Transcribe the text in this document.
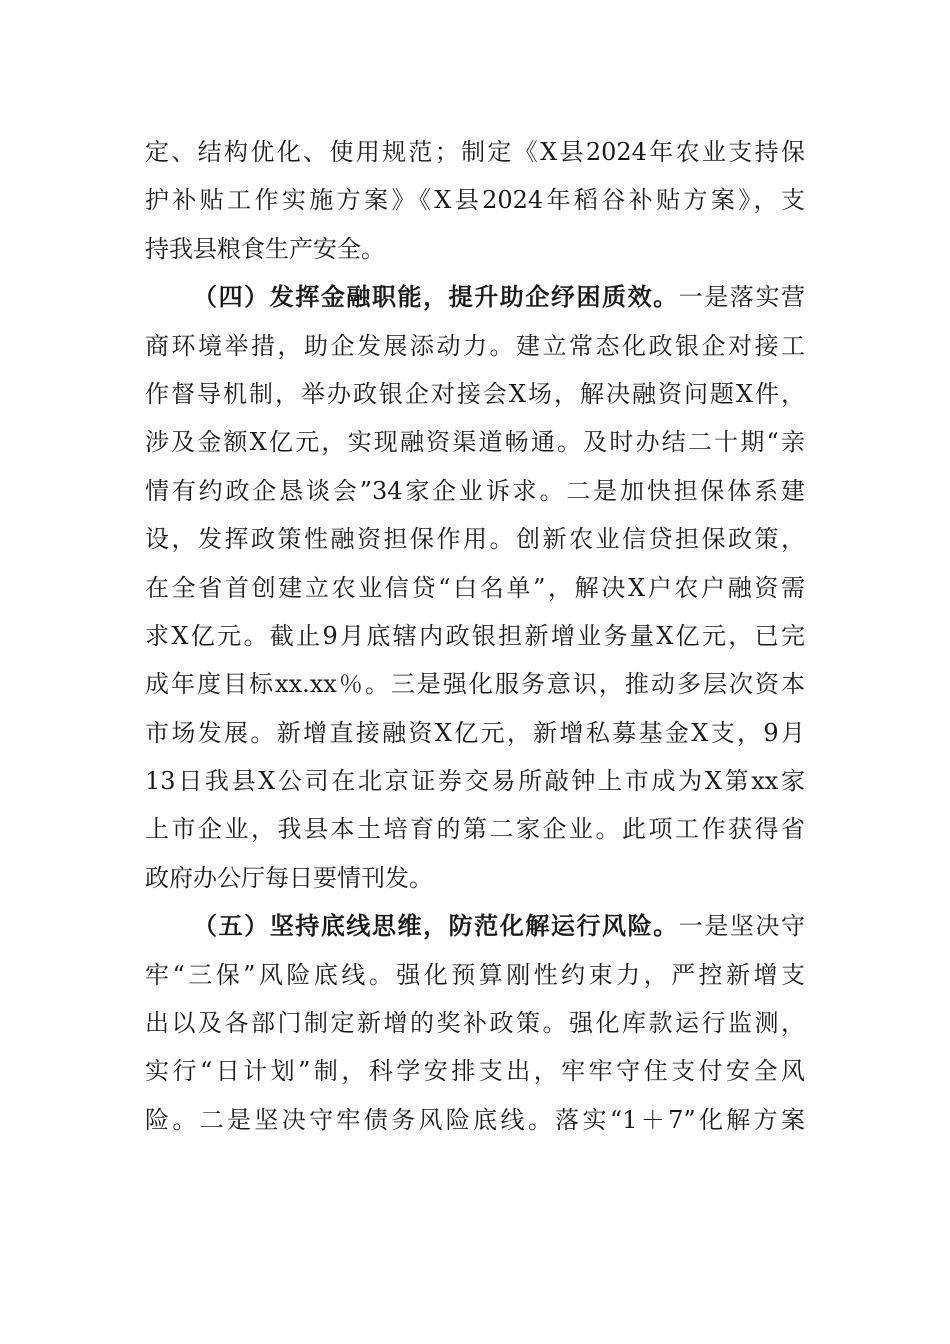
定、结构优化、使用规范；制定《X县2024年农业支持保
护补贴工作实施方案》《X县2024年稻谷补贴方案》，支
持我县粮食生产安全。
（四）发挥金融职能，提升助企纾困质效。一是落实营
商环境举措，助企发展添动力。建立常态化政银企对接工
作督导机制，举办政银企对接会X场，解决融资问题X件，
涉及金额X亿元，实现融资渠道畅通。及时办结二十期“亲
情有约政企恳谈会”34家企业诉求。二是加快担保体系建
设，发挥政策性融资担保作用。创新农业信贷担保政策，
在全省首创建立农业信贷“白名单”，解决X户农户融资需
求X亿元。截止9月底辖内政银担新增业务量X亿元，已完
成年度目标xx.xx％。三是强化服务意识，推动多层次资本
市场发展。新增直接融资X亿元，新增私募基金X支，9月
13日我县X公司在北京证券交易所敲钟上市成为X第xx家
上市企业，我县本土培育的第二家企业。此项工作获得省
政府办公厅每日要情刊发。
（五）坚持底线思维，防范化解运行风险。一是坚决守
牢“三保”风险底线。强化预算刚性约束力，严控新增支
出以及各部门制定新增的奖补政策。强化库款运行监测，
实行“日计划”制，科学安排支出，牢牢守住支付安全风
险。二是坚决守牢债务风险底线。落实“1＋7”化解方案
